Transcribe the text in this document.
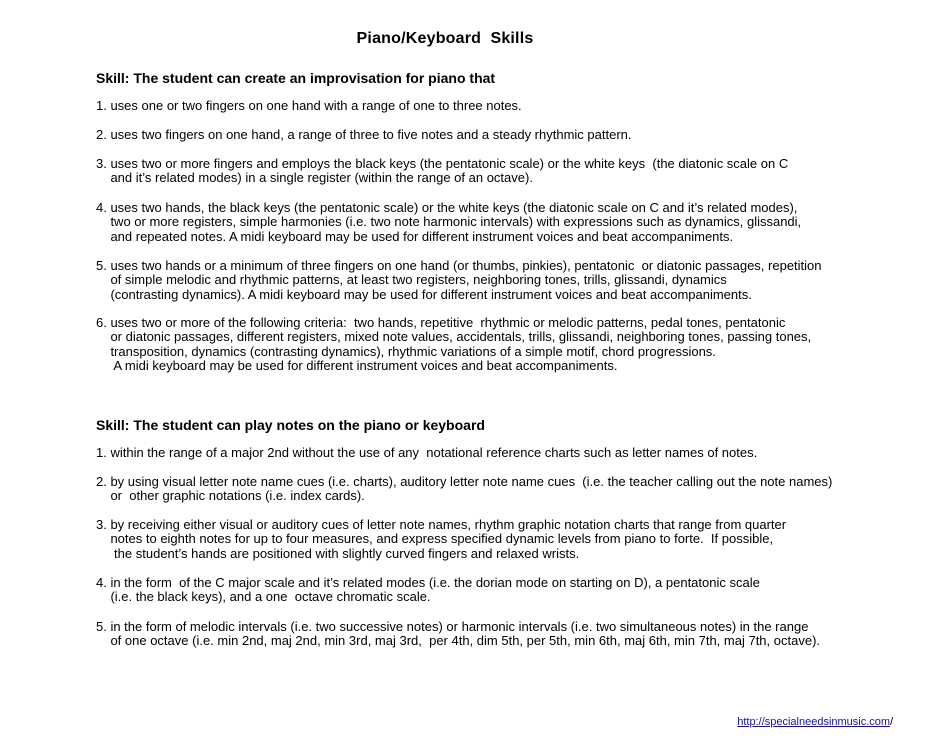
Piano/Keyboard  Skills
Skill: The student can create an improvisation for piano that
1. uses one or two fingers on one hand with a range of one to three notes.
2. uses two fingers on one hand, a range of three to five notes and a steady rhythmic pattern.
3. uses two or more fingers and employs the black keys (the pentatonic scale) or the white keys  (the diatonic scale on C
and it’s related modes) in a single register (within the range of an octave).
4. uses two hands, the black keys (the pentatonic scale) or the white keys (the diatonic scale on C and it’s related modes),
two or more registers, simple harmonies (i.e. two note harmonic intervals) with expressions such as dynamics, glissandi,
and repeated notes. A midi keyboard may be used for different instrument voices and beat accompaniments.
5. uses two hands or a minimum of three fingers on one hand (or thumbs, pinkies), pentatonic  or diatonic passages, repetition
of simple melodic and rhythmic patterns, at least two registers, neighboring tones, trills, glissandi, dynamics
(contrasting dynamics). A midi keyboard may be used for different instrument voices and beat accompaniments.
6. uses two or more of the following criteria:  two hands, repetitive  rhythmic or melodic patterns, pedal tones, pentatonic
or diatonic passages, different registers, mixed note values, accidentals, trills, glissandi, neighboring tones, passing tones,
transposition, dynamics (contrasting dynamics), rhythmic variations of a simple motif, chord progressions.
A midi keyboard may be used for different instrument voices and beat accompaniments.
Skill: The student can play notes on the piano or keyboard
1. within the range of a major 2nd without the use of any  notational reference charts such as letter names of notes.
2. by using visual letter note name cues (i.e. charts), auditory letter note name cues  (i.e. the teacher calling out the note names)
or  other graphic notations (i.e. index cards).
3. by receiving either visual or auditory cues of letter note names, rhythm graphic notation charts that range from quarter
notes to eighth notes for up to four measures, and express specified dynamic levels from piano to forte.  If possible,
the student’s hands are positioned with slightly curved fingers and relaxed wrists.
4. in the form  of the C major scale and it’s related modes (i.e. the dorian mode on starting on D), a pentatonic scale
(i.e. the black keys), and a one  octave chromatic scale.
5. in the form of melodic intervals (i.e. two successive notes) or harmonic intervals (i.e. two simultaneous notes) in the range
of one octave (i.e. min 2nd, maj 2nd, min 3rd, maj 3rd,  per 4th, dim 5th, per 5th, min 6th, maj 6th, min 7th, maj 7th, octave).

http://specialneedsinmusic.com/
